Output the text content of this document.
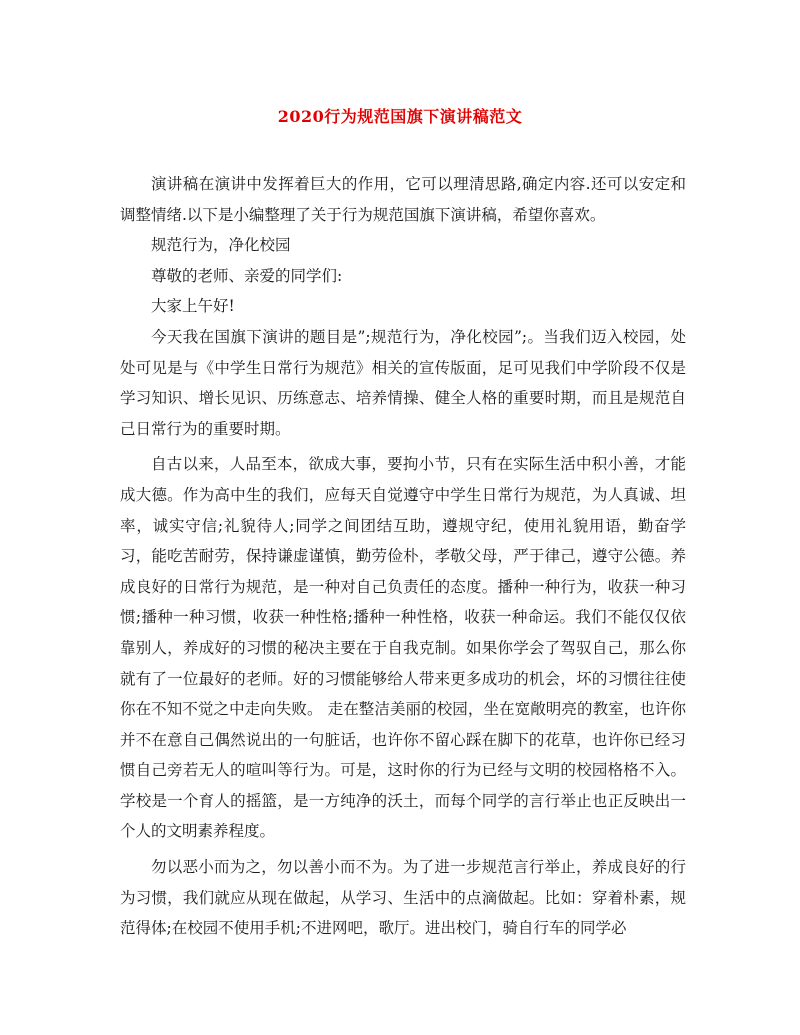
2020行为规范国旗下演讲稿范文

演讲稿在演讲中发挥着巨大的作用，它可以理清思路,确定内容.还可以安定和调整情绪.以下是小编整理了关于行为规范国旗下演讲稿，希望你喜欢。

规范行为，净化校园

尊敬的老师、亲爱的同学们:

大家上午好!

今天我在国旗下演讲的题目是”;规范行为，净化校园”;。当我们迈入校园，处处可见是与《中学生日常行为规范》相关的宣传版面，足可见我们中学阶段不仅是学习知识、增长见识、历练意志、培养情操、健全人格的重要时期，而且是规范自己日常行为的重要时期。

自古以来，人品至本，欲成大事，要拘小节，只有在实际生活中积小善，才能成大德。作为高中生的我们，应每天自觉遵守中学生日常行为规范，为人真诚、坦率，诚实守信;礼貌待人;同学之间团结互助，遵规守纪，使用礼貌用语，勤奋学习，能吃苦耐劳，保持谦虚谨慎，勤劳俭朴，孝敬父母，严于律己，遵守公德。养成良好的日常行为规范，是一种对自己负责任的态度。播种一种行为，收获一种习惯;播种一种习惯，收获一种性格;播种一种性格，收获一种命运。我们不能仅仅依靠别人，养成好的习惯的秘决主要在于自我克制。如果你学会了驾驭自己，那么你就有了一位最好的老师。好的习惯能够给人带来更多成功的机会，坏的习惯往往使你在不知不觉之中走向失败。 走在整洁美丽的校园，坐在宽敞明亮的教室，也许你并不在意自己偶然说出的一句脏话，也许你不留心踩在脚下的花草，也许你已经习惯自己旁若无人的喧叫等行为。可是，这时你的行为已经与文明的校园格格不入。学校是一个育人的摇篮，是一方纯净的沃土，而每个同学的言行举止也正反映出一个人的文明素养程度。

勿以恶小而为之，勿以善小而不为。为了进一步规范言行举止，养成良好的行为习惯，我们就应从现在做起，从学习、生活中的点滴做起。比如：穿着朴素，规范得体;在校园不使用手机;不进网吧，歌厅。进出校门，骑自行车的同学必
